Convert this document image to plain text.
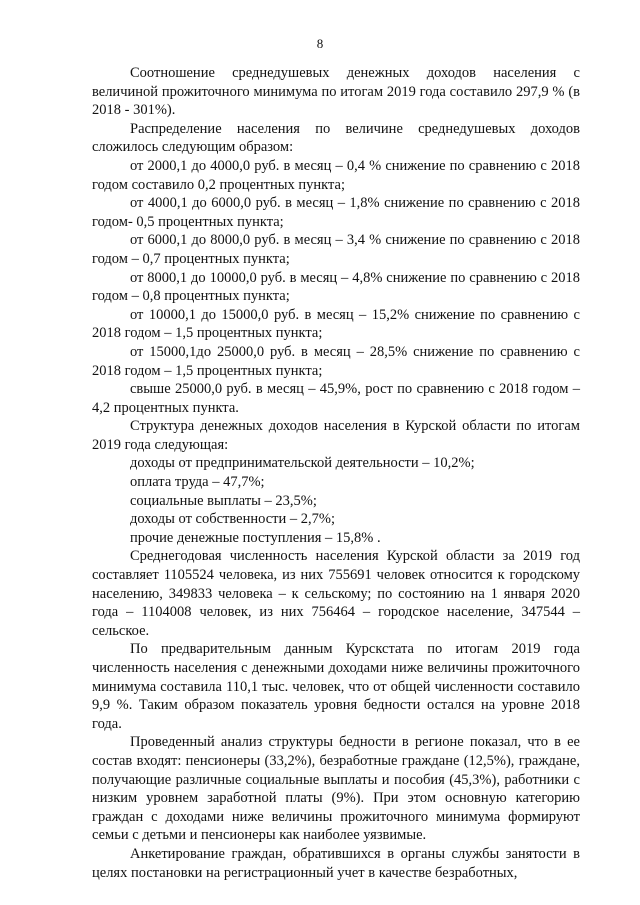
8

Соотношение среднедушевых денежных доходов населения с величиной прожиточного минимума по итогам 2019 года составило 297,9 % (в 2018 - 301%).

Распределение населения по величине среднедушевых доходов сложилось следующим образом:

от 2000,1 до 4000,0 руб. в месяц – 0,4 % снижение по сравнению с 2018 годом составило 0,2 процентных пункта;

от 4000,1 до 6000,0 руб. в месяц – 1,8% снижение по сравнению с 2018 годом- 0,5 процентных пункта;

от 6000,1 до 8000,0 руб. в месяц – 3,4 % снижение по сравнению с 2018 годом – 0,7 процентных пункта;

от 8000,1 до 10000,0 руб. в месяц – 4,8% снижение по сравнению с 2018 годом – 0,8 процентных пункта;

от 10000,1 до 15000,0 руб. в месяц – 15,2% снижение по сравнению с 2018 годом – 1,5 процентных пункта;

от 15000,1до 25000,0 руб. в месяц – 28,5% снижение по сравнению с 2018 годом – 1,5 процентных пункта;

свыше 25000,0 руб. в месяц – 45,9%, рост по сравнению с 2018 годом – 4,2 процентных пункта.

Структура денежных доходов населения в Курской области по итогам 2019 года следующая:

доходы от предпринимательской деятельности – 10,2%;

оплата труда – 47,7%;

социальные выплаты – 23,5%;

доходы от собственности – 2,7%;

прочие денежные поступления – 15,8% .

Среднегодовая численность населения Курской области за 2019 год составляет 1105524 человека, из них 755691 человек относится к городскому населению, 349833 человека – к сельскому; по состоянию на 1 января 2020 года – 1104008 человек, из них 756464 – городское население, 347544 – сельское.

По предварительным данным Курскстата по итогам 2019 года численность населения с денежными доходами ниже величины прожиточного минимума составила 110,1 тыс. человек, что от общей численности составило 9,9 %. Таким образом показатель уровня бедности остался на уровне 2018 года.

Проведенный анализ структуры бедности в регионе показал, что в ее состав входят: пенсионеры (33,2%), безработные граждане (12,5%), граждане, получающие различные социальные выплаты и пособия (45,3%), работники с низким уровнем заработной платы (9%). При этом основную категорию граждан с доходами ниже величины прожиточного минимума формируют семьи с детьми и пенсионеры как наиболее уязвимые.

Анкетирование граждан, обратившихся в органы службы занятости в целях постановки на регистрационный учет в качестве безработных,
